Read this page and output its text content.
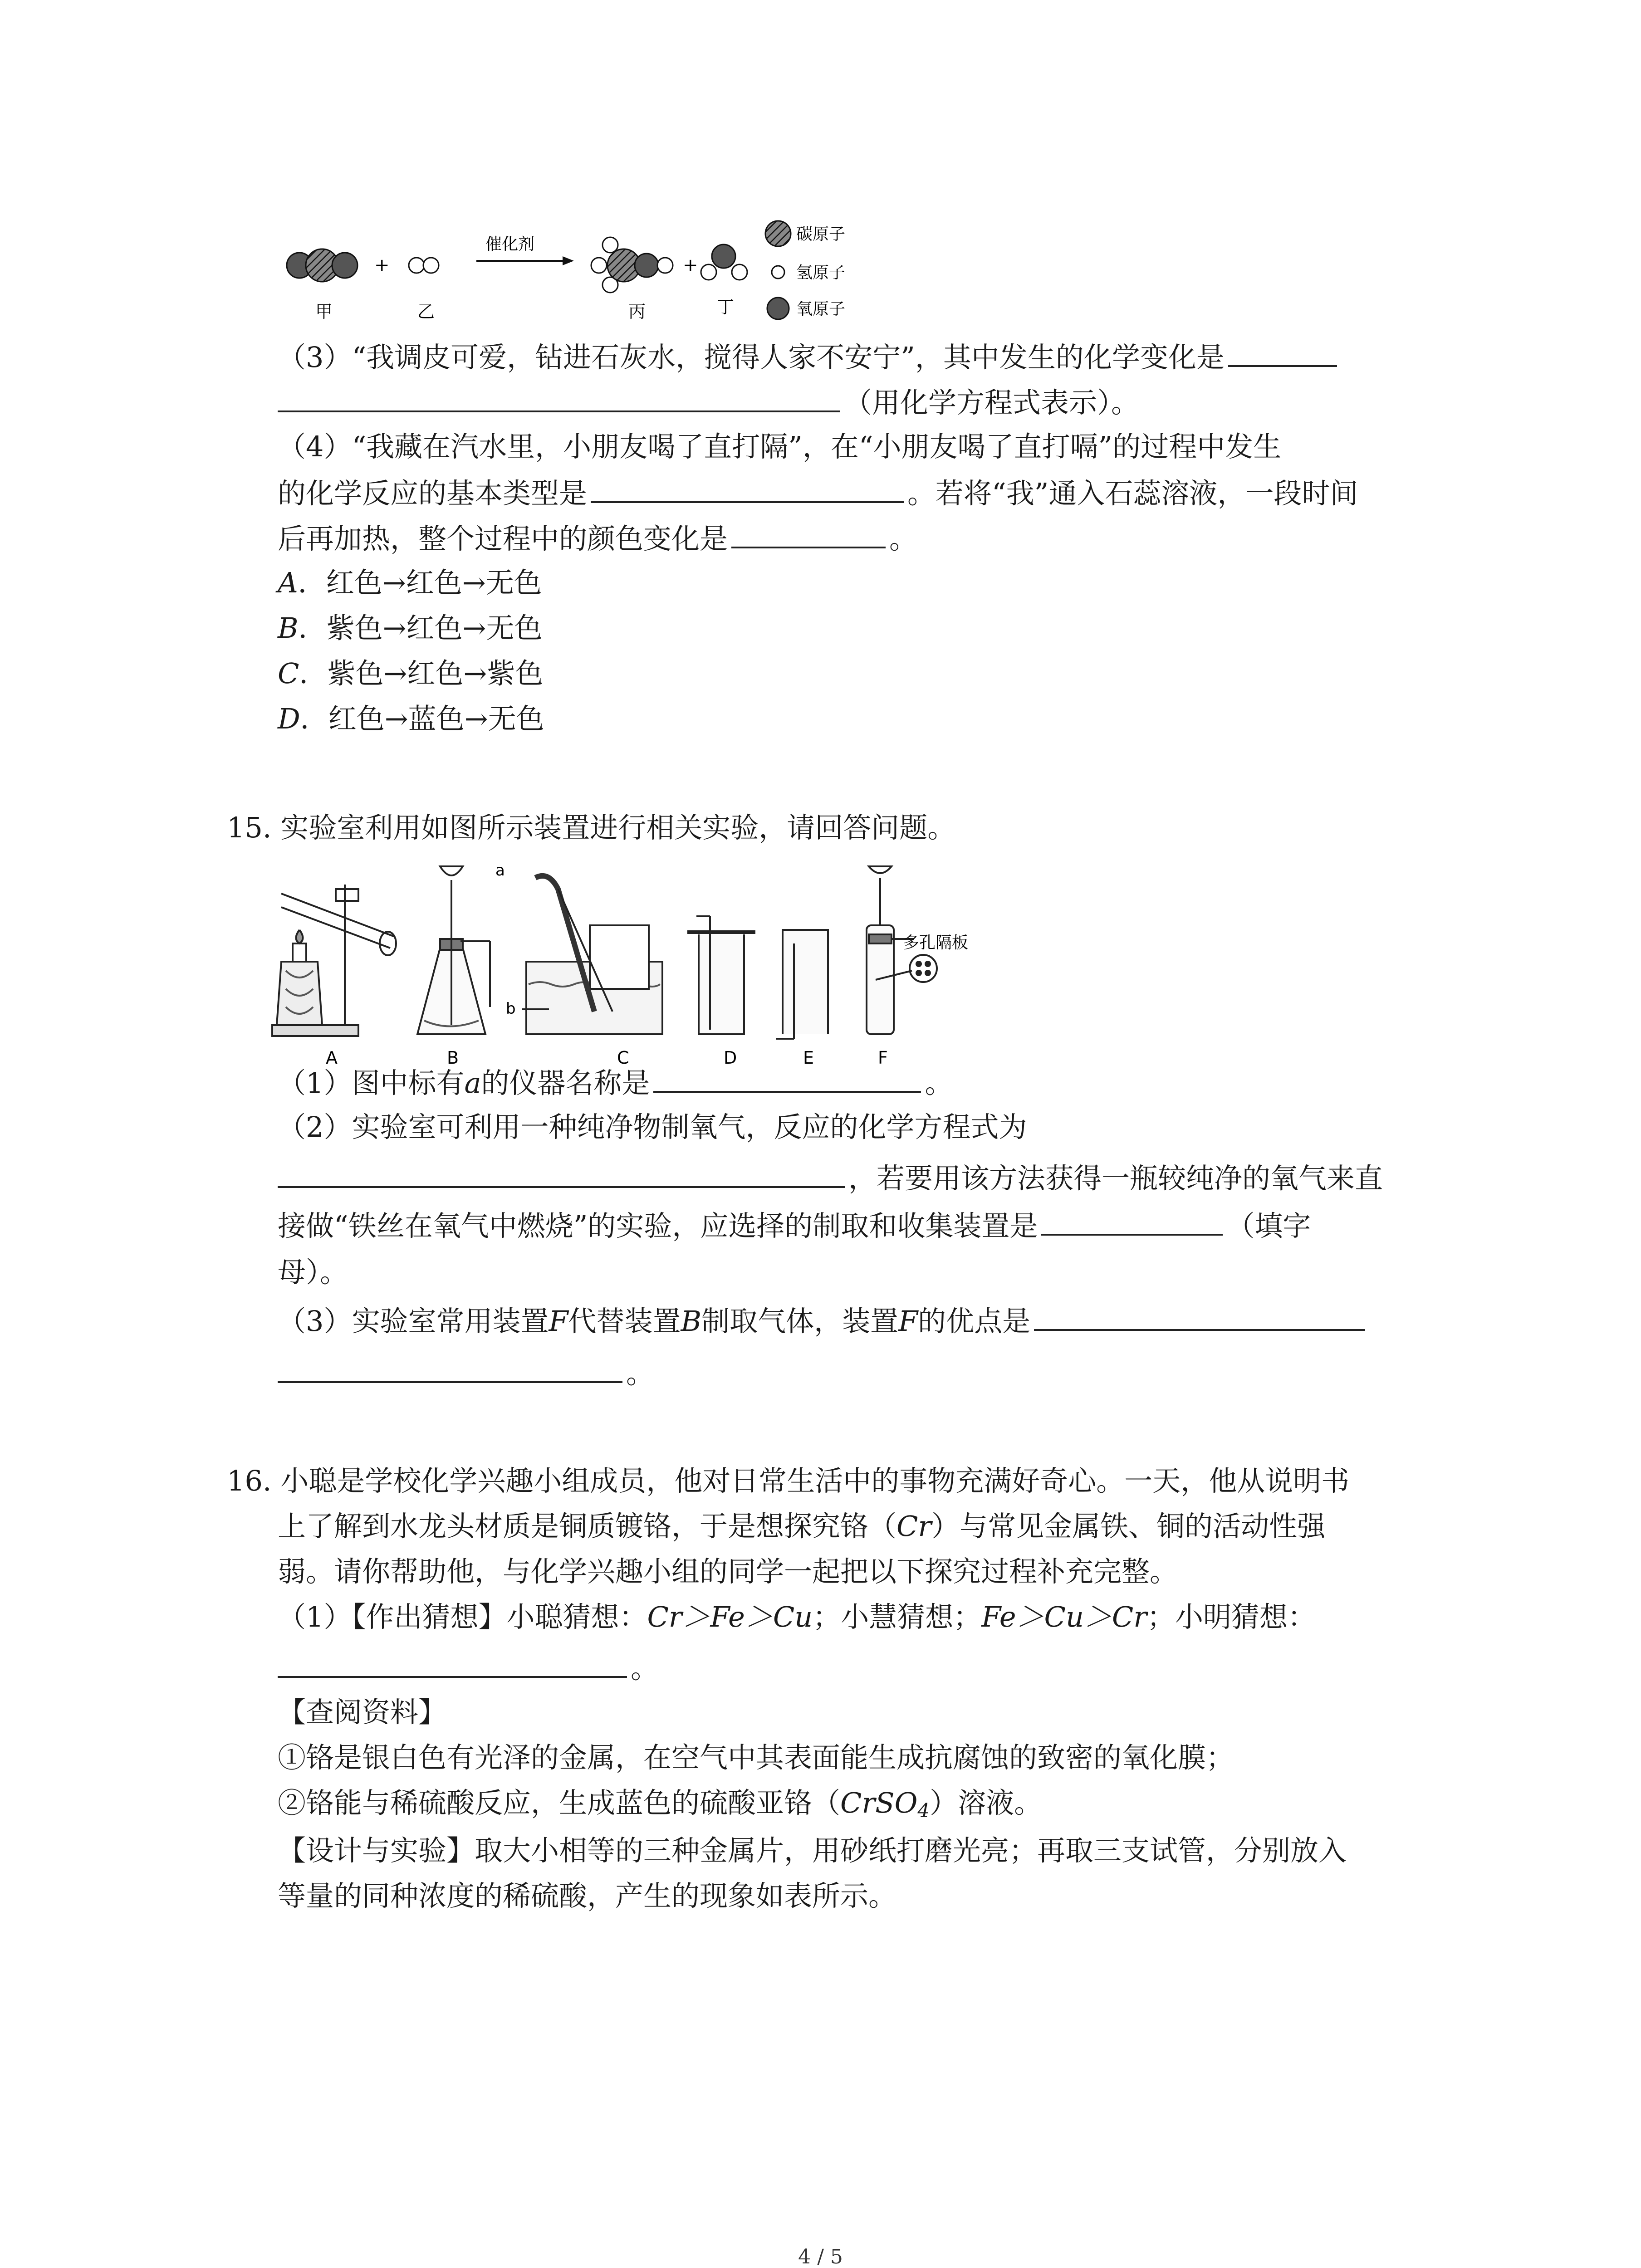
+
催化剂
+
碳原子
氢原子
氧原子
甲	乙	丙	丁
（3）“我调皮可爱，钻进石灰水，搅得人家不安宁”，其中发生的化学变化是
（用化学方程式表示）。
（4）“我藏在汽水里，小朋友喝了直打隔”，在“小朋友喝了直打嗝”的过程中发生
的化学反应的基本类型是	。若将“我”通入石蕊溶液，一段时间
后再加热，整个过程中的颜色变化是	。
A．红色→红色→无色
B．紫色→红色→无色
C．紫色→红色→紫色
D．红色→蓝色→无色
15. 实验室利用如图所示装置进行相关实验，请回答问题。
a
b
多孔隔板
A	B	C	D	E	F
（1）图中标有a的仪器名称是	。
（2）实验室可利用一种纯净物制氧气，反应的化学方程式为
，若要用该方法获得一瓶较纯净的氧气来直
接做“铁丝在氧气中燃烧”的实验，应选择的制取和收集装置是	（填字
母）。
（3）实验室常用装置F代替装置B制取气体，装置F的优点是
。
16. 小聪是学校化学兴趣小组成员，他对日常生活中的事物充满好奇心。一天，他从说明书
上了解到水龙头材质是铜质镀铬，于是想探究铬（Cr）与常见金属铁、铜的活动性强
弱。请你帮助他，与化学兴趣小组的同学一起把以下探究过程补充完整。
（1）【作出猜想】小聪猜想：Cr＞Fe＞Cu；小慧猜想；Fe＞Cu＞Cr；小明猜想：
。
【查阅资料】
①铬是银白色有光泽的金属，在空气中其表面能生成抗腐蚀的致密的氧化膜；
②铬能与稀硫酸反应，生成蓝色的硫酸亚铬（CrSO$_4$）溶液。
【设计与实验】取大小相等的三种金属片，用砂纸打磨光亮；再取三支试管，分别放入
等量的同种浓度的稀硫酸，产生的现象如表所示。
4 / 5
